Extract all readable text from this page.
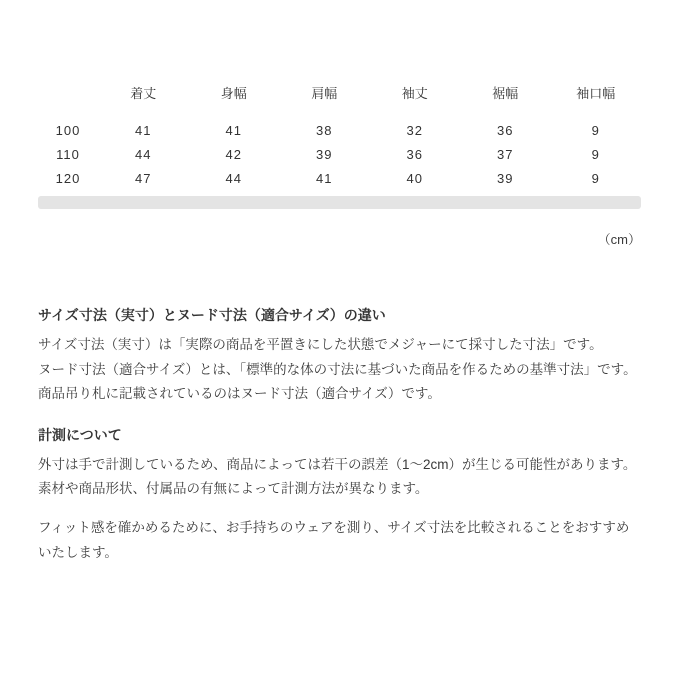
	着丈	身幅	肩幅	袖丈	裾幅	袖口幅
100	41	41	38	32	36	9
110	44	42	39	36	37	9
120	47	44	41	40	39	9
（cm）
サイズ寸法（実寸）とヌード寸法（適合サイズ）の違い
サイズ寸法（実寸）は「実際の商品を平置きにした状態でメジャーにて採寸した寸法」です。
ヌード寸法（適合サイズ）とは、「標準的な体の寸法に基づいた商品を作るための基準寸法」です。
商品吊り札に記載されているのはヌード寸法（適合サイズ）です。
計測について
外寸は手で計測しているため、商品によっては若干の誤差（1〜2cm）が生じる可能性があります。
素材や商品形状、付属品の有無によって計測方法が異なります。
フィット感を確かめるために、お手持ちのウェアを測り、サイズ寸法を比較されることをおすすめいたします。
